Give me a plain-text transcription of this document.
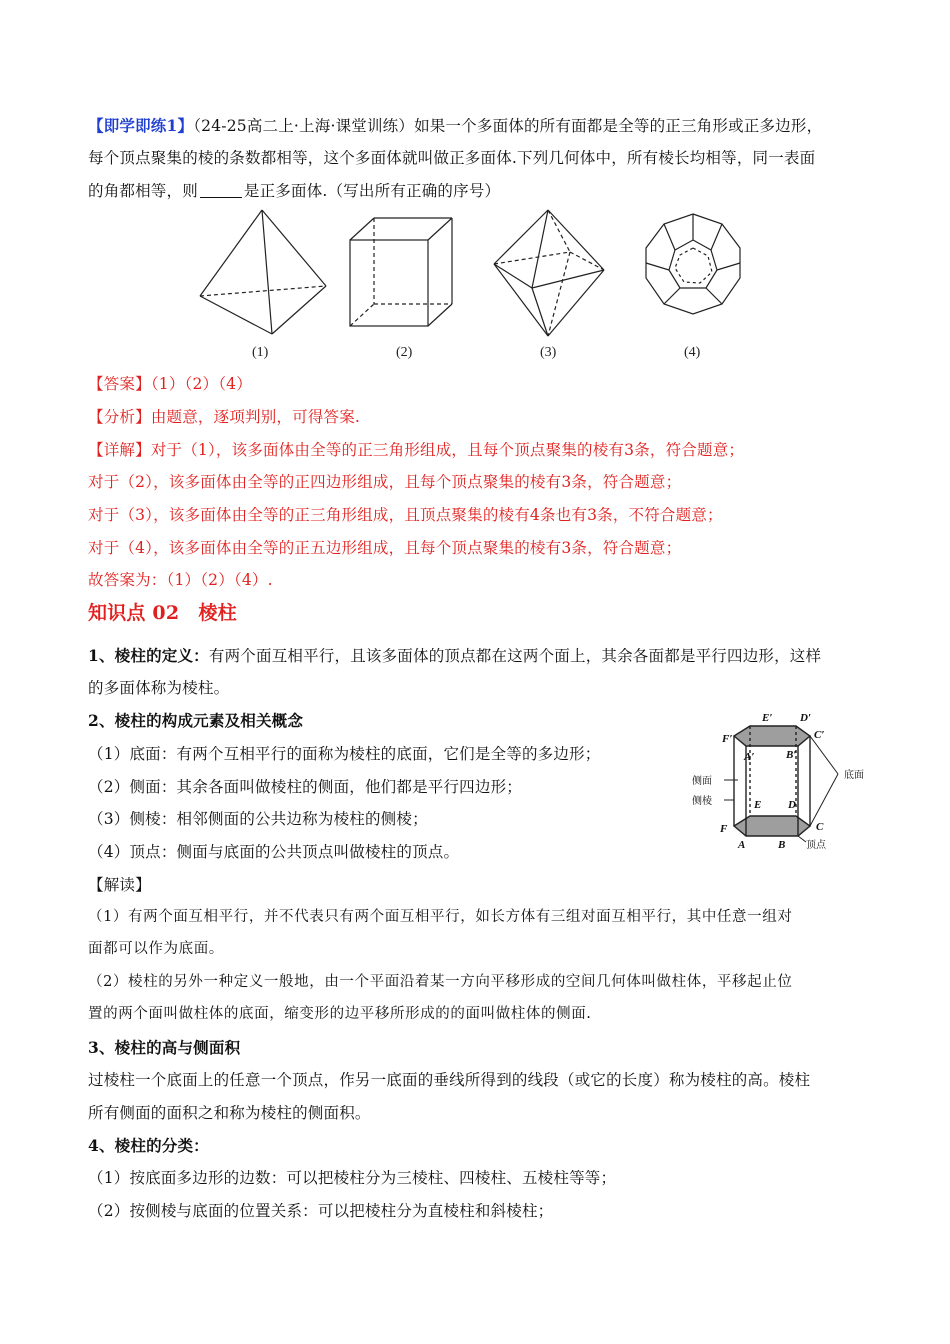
【即学即练1】（24-25高二上·上海·课堂训练）如果一个多面体的所有面都是全等的正三角形或正多边形，
每个顶点聚集的棱的条数都相等，这个多面体就叫做正多面体.下列几何体中，所有棱长均相等，同一表面
的角都相等，则	是正多面体.（写出所有正确的序号）
(1)	(2)	(3)	(4)
【答案】（1）（2）（4）
【分析】由题意，逐项判别，可得答案.
【详解】对于（1），该多面体由全等的正三角形组成，且每个顶点聚集的棱有3条，符合题意；
对于（2），该多面体由全等的正四边形组成，且每个顶点聚集的棱有3条，符合题意；
对于（3），该多面体由全等的正三角形组成，且顶点聚集的棱有4条也有3条，不符合题意；
对于（4），该多面体由全等的正五边形组成，且每个顶点聚集的棱有3条，符合题意；
故答案为：（1）（2）（4）.
知识点 02　棱柱
1、棱柱的定义：有两个面互相平行，且该多面体的顶点都在这两个面上，其余各面都是平行四边形，这样
的多面体称为棱柱。
2、棱柱的构成元素及相关概念
（1）底面：有两个互相平行的面称为棱柱的底面，它们是全等的多边形；
（2）侧面：其余各面叫做棱柱的侧面，他们都是平行四边形；
（3）侧棱：相邻侧面的公共边称为棱柱的侧棱；
（4）顶点：侧面与底面的公共顶点叫做棱柱的顶点。
E′	D′
F′	C′
A′	B′
E D
F	C
A	B
侧面
侧棱
底面
顶点
【解读】
（1）有两个面互相平行，并不代表只有两个面互相平行，如长方体有三组对面互相平行，其中任意一组对
面都可以作为底面。
（2）棱柱的另外一种定义一般地，由一个平面沿着某一方向平移形成的空间几何体叫做柱体，平移起止位
置的两个面叫做柱体的底面，缩变形的边平移所形成的的面叫做柱体的侧面.
3、棱柱的高与侧面积
过棱柱一个底面上的任意一个顶点，作另一底面的垂线所得到的线段（或它的长度）称为棱柱的高。棱柱
所有侧面的面积之和称为棱柱的侧面积。
4、棱柱的分类：
（1）按底面多边形的边数：可以把棱柱分为三棱柱、四棱柱、五棱柱等等；
（2）按侧棱与底面的位置关系：可以把棱柱分为直棱柱和斜棱柱；
